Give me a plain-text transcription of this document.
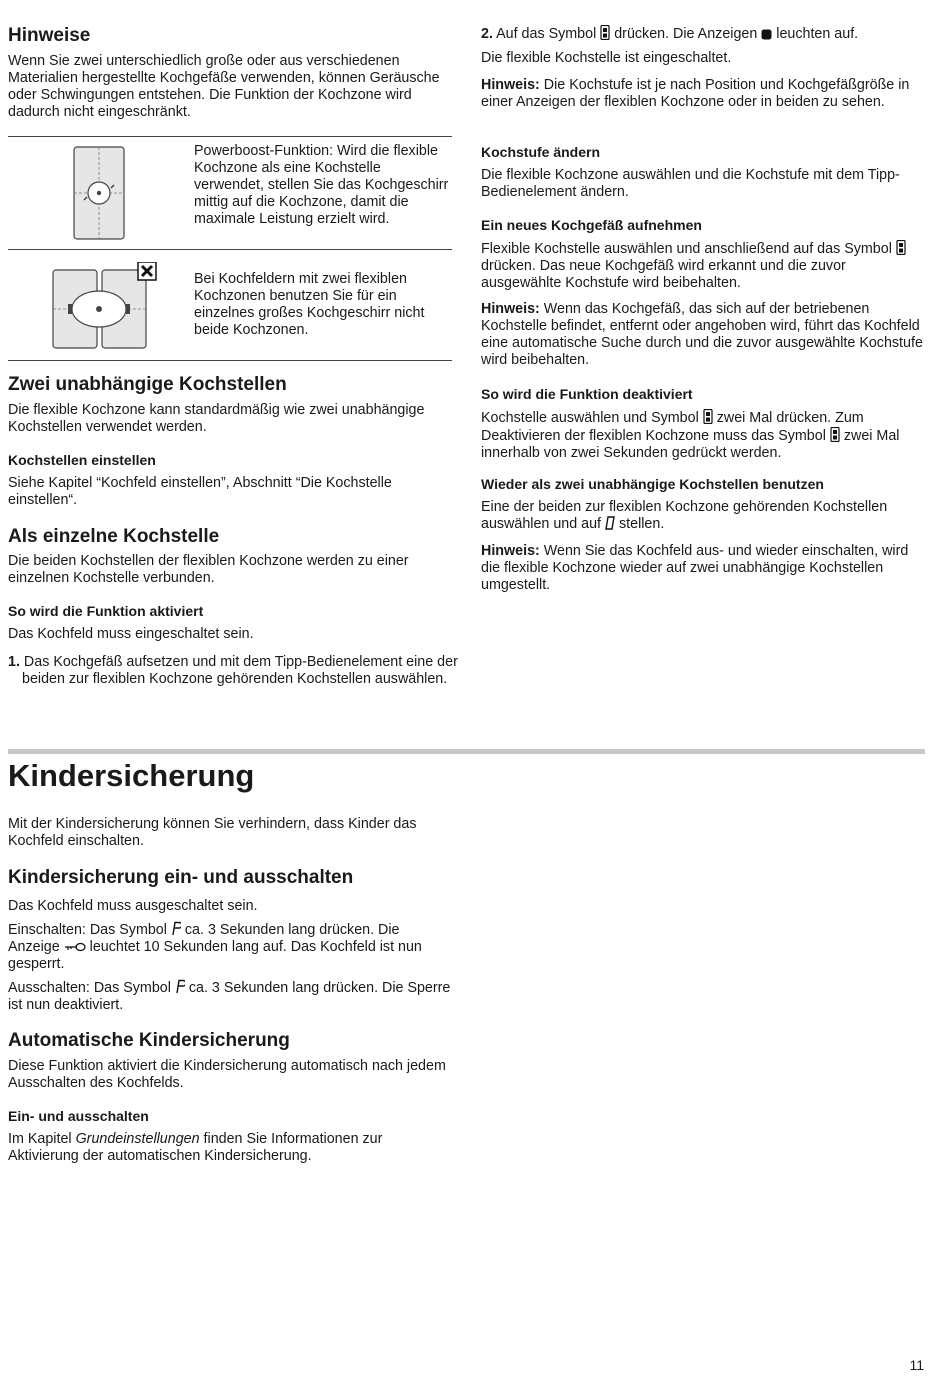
Hinweise

Wenn Sie zwei unterschiedlich große oder aus verschiedenen Materialien hergestellte Kochgefäße verwenden, können Geräusche oder Schwingungen entstehen. Die Funktion der Kochzone wird dadurch nicht eingeschränkt.

Powerboost-Funktion: Wird die flexible Kochzone als eine Kochstelle verwendet, stellen Sie das Kochgeschirr mittig auf die Kochzone, damit die maximale Leistung erzielt wird.

Bei Kochfeldern mit zwei flexiblen Kochzonen benutzen Sie für ein einzelnes großes Kochgeschirr nicht beide Kochzonen.

Zwei unabhängige Kochstellen

Die flexible Kochzone kann standardmäßig wie zwei unabhängige Kochstellen verwendet werden.

Kochstellen einstellen

Siehe Kapitel “Kochfeld einstellen”, Abschnitt “Die Kochstelle einstellen“.

Als einzelne Kochstelle

Die beiden Kochstellen der flexiblen Kochzone werden zu einer einzelnen Kochstelle verbunden.

So wird die Funktion aktiviert

Das Kochfeld muss eingeschaltet sein.

1. Das Kochgefäß aufsetzen und mit dem Tipp-Bedienelement eine der beiden zur flexiblen Kochzone gehörenden Kochstellen auswählen.

2. Auf das Symbol drücken. Die Anzeigen leuchten auf.

Die flexible Kochstelle ist eingeschaltet.

Hinweis: Die Kochstufe ist je nach Position und Kochgefäßgröße in einer Anzeigen der flexiblen Kochzone oder in beiden zu sehen.

Kochstufe ändern

Die flexible Kochzone auswählen und die Kochstufe mit dem Tipp-Bedienelement ändern.

Ein neues Kochgefäß aufnehmen

Flexible Kochstelle auswählen und anschließend auf das Symbol  drücken. Das neue Kochgefäß wird erkannt und die zuvor ausgewählte Kochstufe wird beibehalten.

Hinweis: Wenn das Kochgefäß, das sich auf der betriebenen Kochstelle befindet, entfernt oder angehoben wird, führt das Kochfeld eine automatische Suche durch und die zuvor ausgewählte Kochstufe wird beibehalten.

So wird die Funktion deaktiviert

Kochstelle auswählen und Symbol zwei Mal drücken. Zum Deaktivieren der flexiblen Kochzone muss das Symbol zwei Mal innerhalb von zwei Sekunden gedrückt werden.

Wieder als zwei unabhängige Kochstellen benutzen

Eine der beiden zur flexiblen Kochzone gehörenden Kochstellen auswählen und auf stellen.

Hinweis: Wenn Sie das Kochfeld aus- und wieder einschalten, wird die flexible Kochzone wieder auf zwei unabhängige Kochstellen umgestellt.

Kindersicherung

Mit der Kindersicherung können Sie verhindern, dass Kinder das Kochfeld einschalten.

Kindersicherung ein- und ausschalten

Das Kochfeld muss ausgeschaltet sein.

Einschalten: Das Symbol ca. 3 Sekunden lang drücken. Die Anzeige leuchtet 10 Sekunden lang auf. Das Kochfeld ist nun gesperrt.

Ausschalten: Das Symbol ca. 3 Sekunden lang drücken. Die Sperre ist nun deaktiviert.

Automatische Kindersicherung

Diese Funktion aktiviert die Kindersicherung automatisch nach jedem Ausschalten des Kochfelds.

Ein- und ausschalten

Im Kapitel Grundeinstellungen finden Sie Informationen zur Aktivierung der automatischen Kindersicherung.

11
